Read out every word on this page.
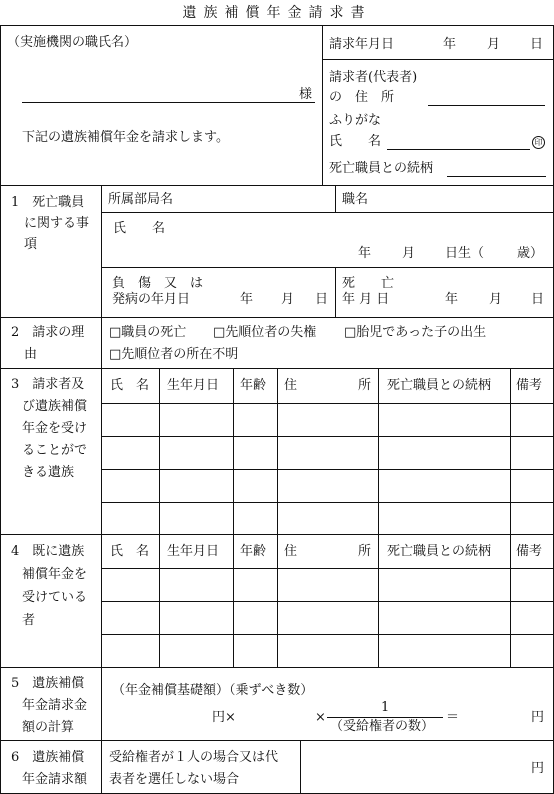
遺族補償年金請求書
（実施機関の職氏名）
様
下記の遺族補償年金を請求します。
請求年月日	年 月 日
請求者(代表者)
の　住　所
ふりがな
氏　　名	印
死亡職員との続柄
1　死亡職員
に関する事
項
所属部局名	職名
氏　　名
年 月 日生（	歳）
負　傷　又　は
発病の年月日	年 月 日
死　　亡
年 月 日	年 月 日
2　請求の理
由
□職員の死亡 □先順位者の失権 □胎児であった子の出生
□先順位者の所在不明
3　請求者及
び遺族補償
年金を受け
ることがで
きる遺族
氏　名 生年月日 年齢 住	所 死亡職員との続柄 備考
4　既に遺族
補償年金を
受けている
者
氏　名 生年月日 年齢 住	所 死亡職員との続柄 備考
5　遺族補償
年金請求金
額の計算
（年金補償基礎額）（乗ずべき数）
円×	×
1
（受給権者の数）
＝	円
6　遺族補償
年金請求額
受給権者が１人の場合又は代
表者を選任しない場合
円
